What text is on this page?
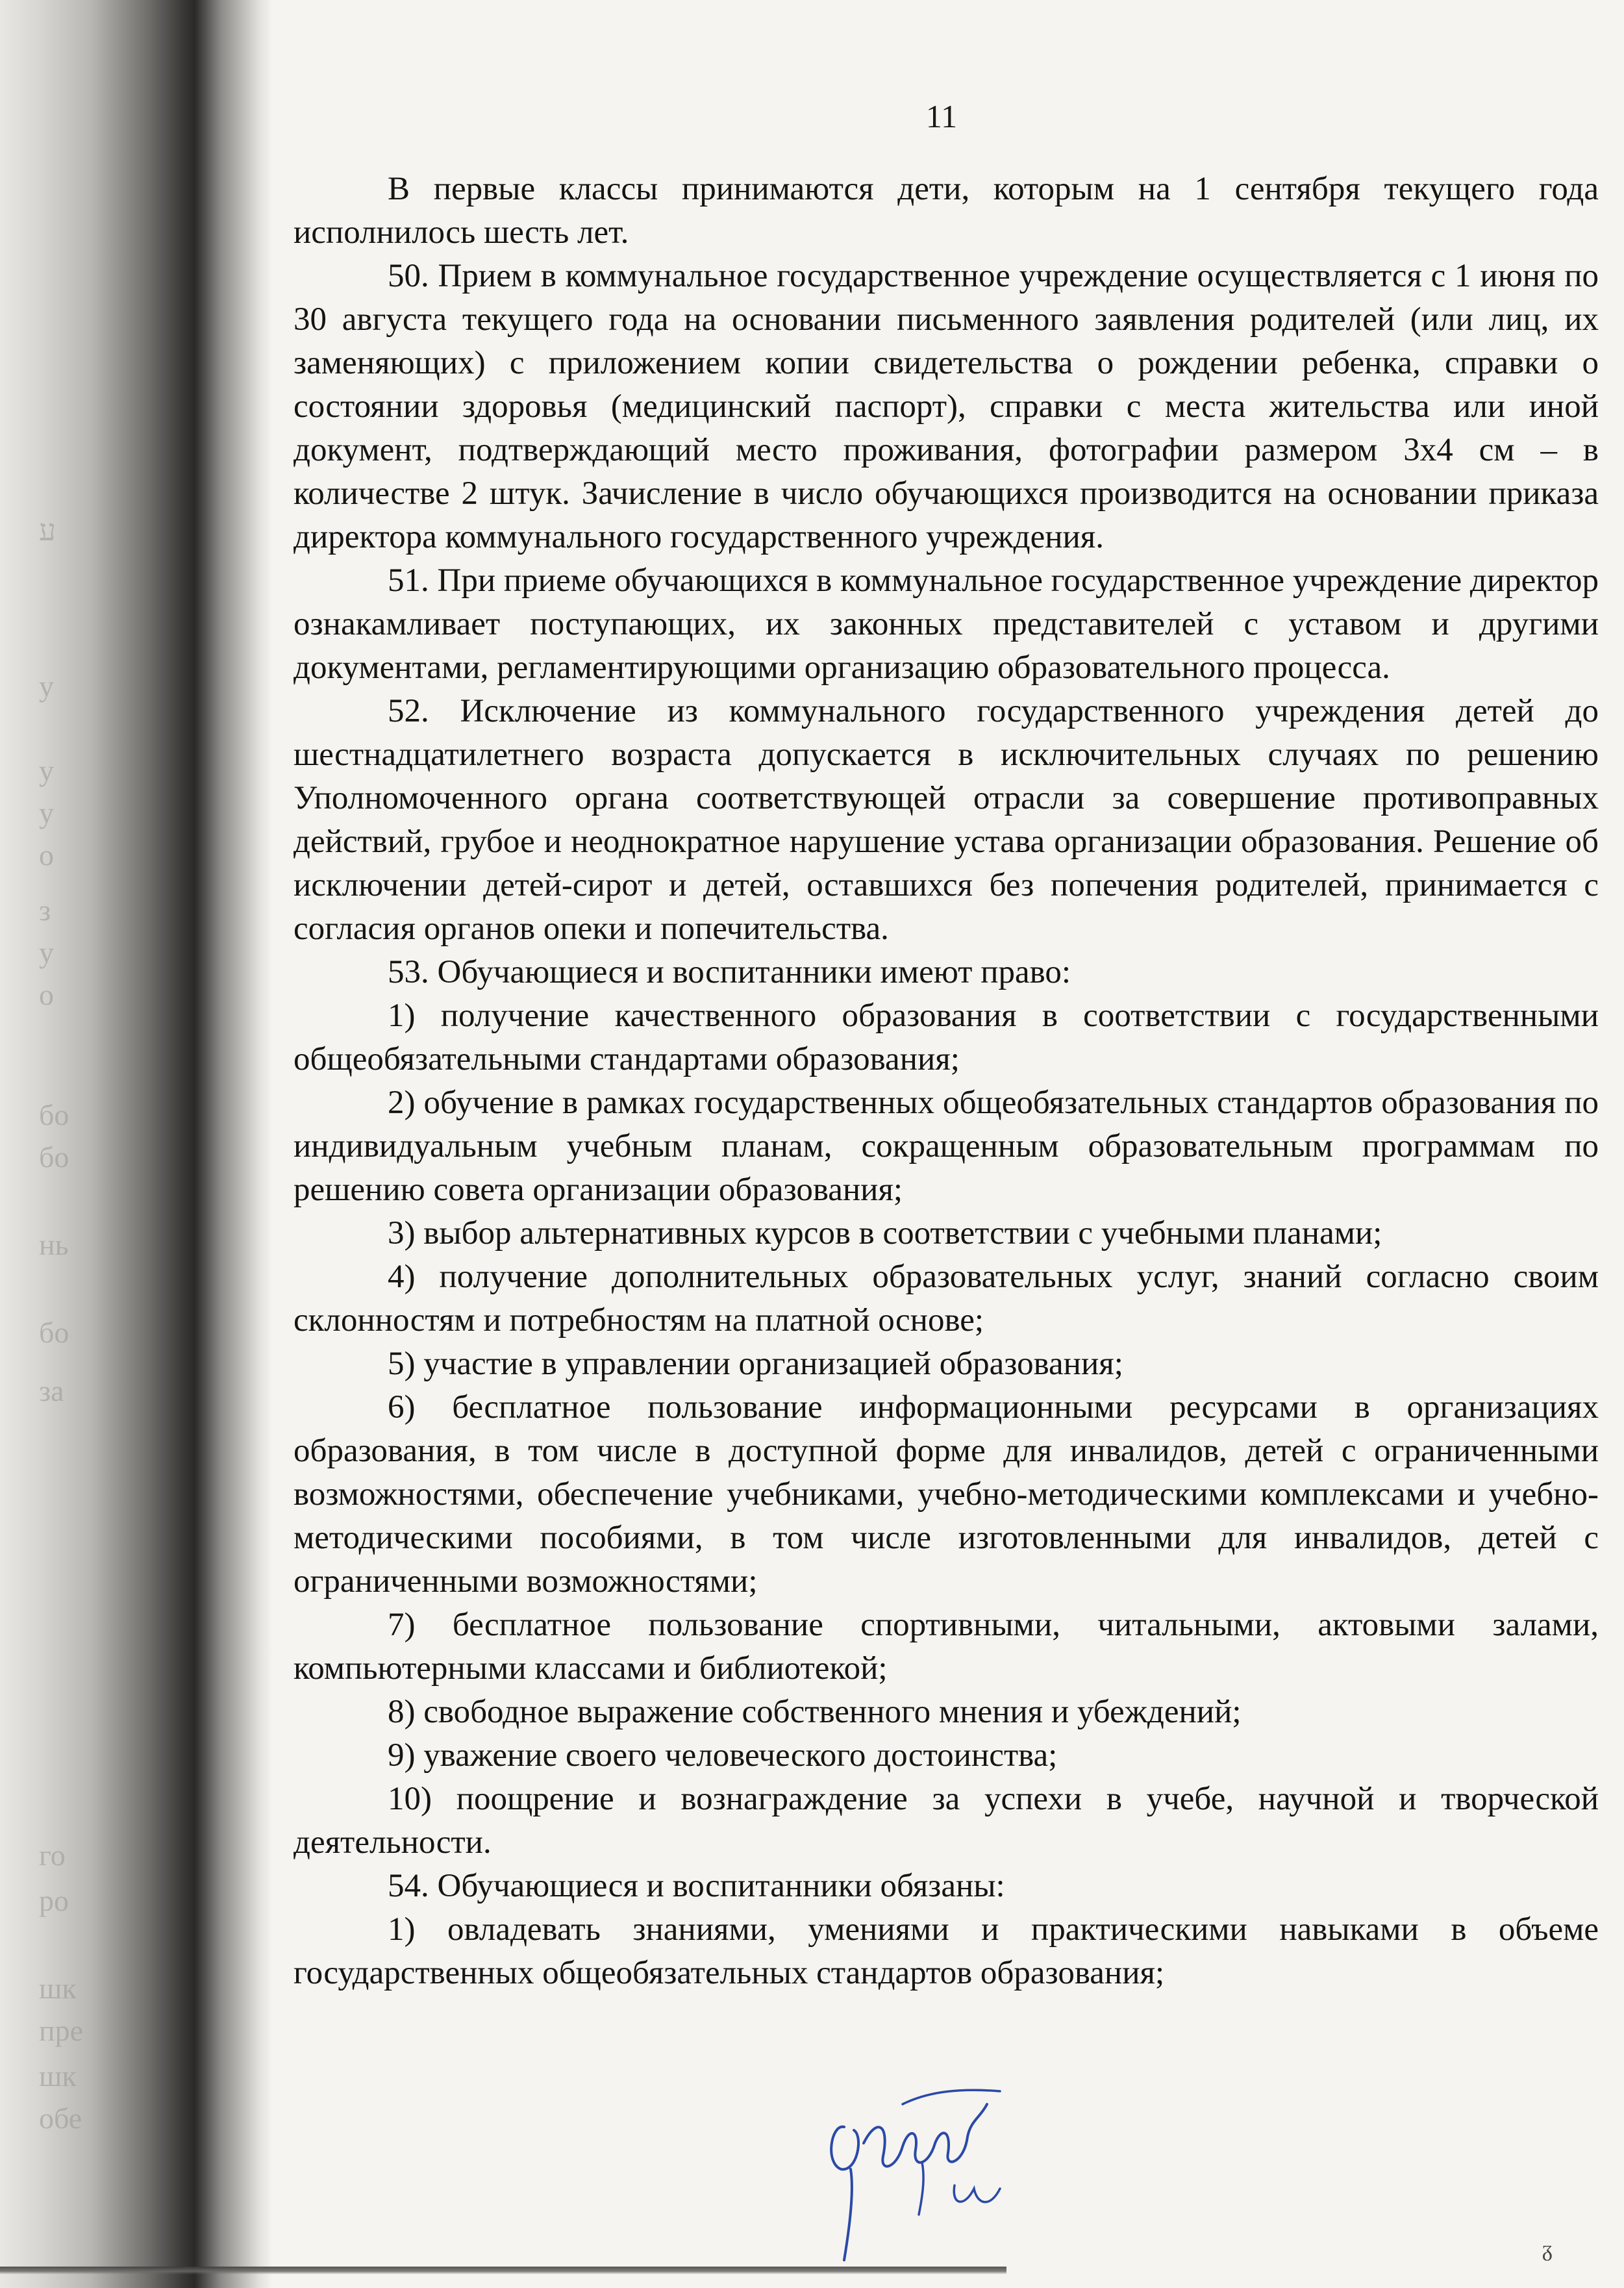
ע
у
у
у
о
з
у
о
бо
бо
нь
бо
за
го
ро
шк
пре
шк
обе
11

В первые классы принимаются дети, которым на 1 сентября текущего года исполнилось шесть лет.

50. Прием в коммунальное государственное учреждение осуществляется с 1 июня по 30 августа текущего года на основании письменного заявления родителей (или лиц, их заменяющих) с приложением копии свидетельства о рождении ребенка, справки о состоянии здоровья (медицинский паспорт), справки с места жительства или иной документ, подтверждающий место проживания, фотографии размером 3х4 см – в количестве 2 штук. Зачисление в число обучающихся производится на основании приказа директора коммунального государственного учреждения.

51. При приеме обучающихся в коммунальное государственное учреждение директор ознакамливает поступающих, их законных представителей с уставом и другими документами, регламентирующими организацию образовательного процесса.

52. Исключение из коммунального государственного учреждения детей до шестнадцатилетнего возраста допускается в исключительных случаях по решению Уполномоченного органа соответствующей отрасли за совершение противоправных действий, грубое и неоднократное нарушение устава организации образования. Решение об исключении детей-сирот и детей, оставшихся без попечения родителей, принимается с согласия органов опеки и попечительства.

53. Обучающиеся и воспитанники имеют право:

1) получение качественного образования в соответствии с государственными общеобязательными стандартами образования;

2) обучение в рамках государственных общеобязательных стандартов образования по индивидуальным учебным планам, сокращенным образовательным программам по решению совета организации образования;

3) выбор альтернативных курсов в соответствии с учебными планами;

4) получение дополнительных образовательных услуг, знаний согласно своим склонностям и потребностям на платной основе;

5) участие в управлении организацией образования;

6) бесплатное пользование информационными ресурсами в организациях образования, в том числе в доступной форме для инвалидов, детей с ограниченными возможностями, обеспечение учебниками, учебно-методическими комплексами и учебно-методическими пособиями, в том числе изготовленными для инвалидов, детей с ограниченными возможностями;

7) бесплатное пользование спортивными, читальными, актовыми залами, компьютерными классами и библиотекой;

8) свободное выражение собственного мнения и убеждений;

9) уважение своего человеческого достоинства;

10) поощрение и вознаграждение за успехи в учебе, научной и творческой деятельности.

54. Обучающиеся и воспитанники обязаны:

1) овладевать знаниями, умениями и практическими навыками в объеме государственных общеобязательных стандартов образования;

ᵹ
